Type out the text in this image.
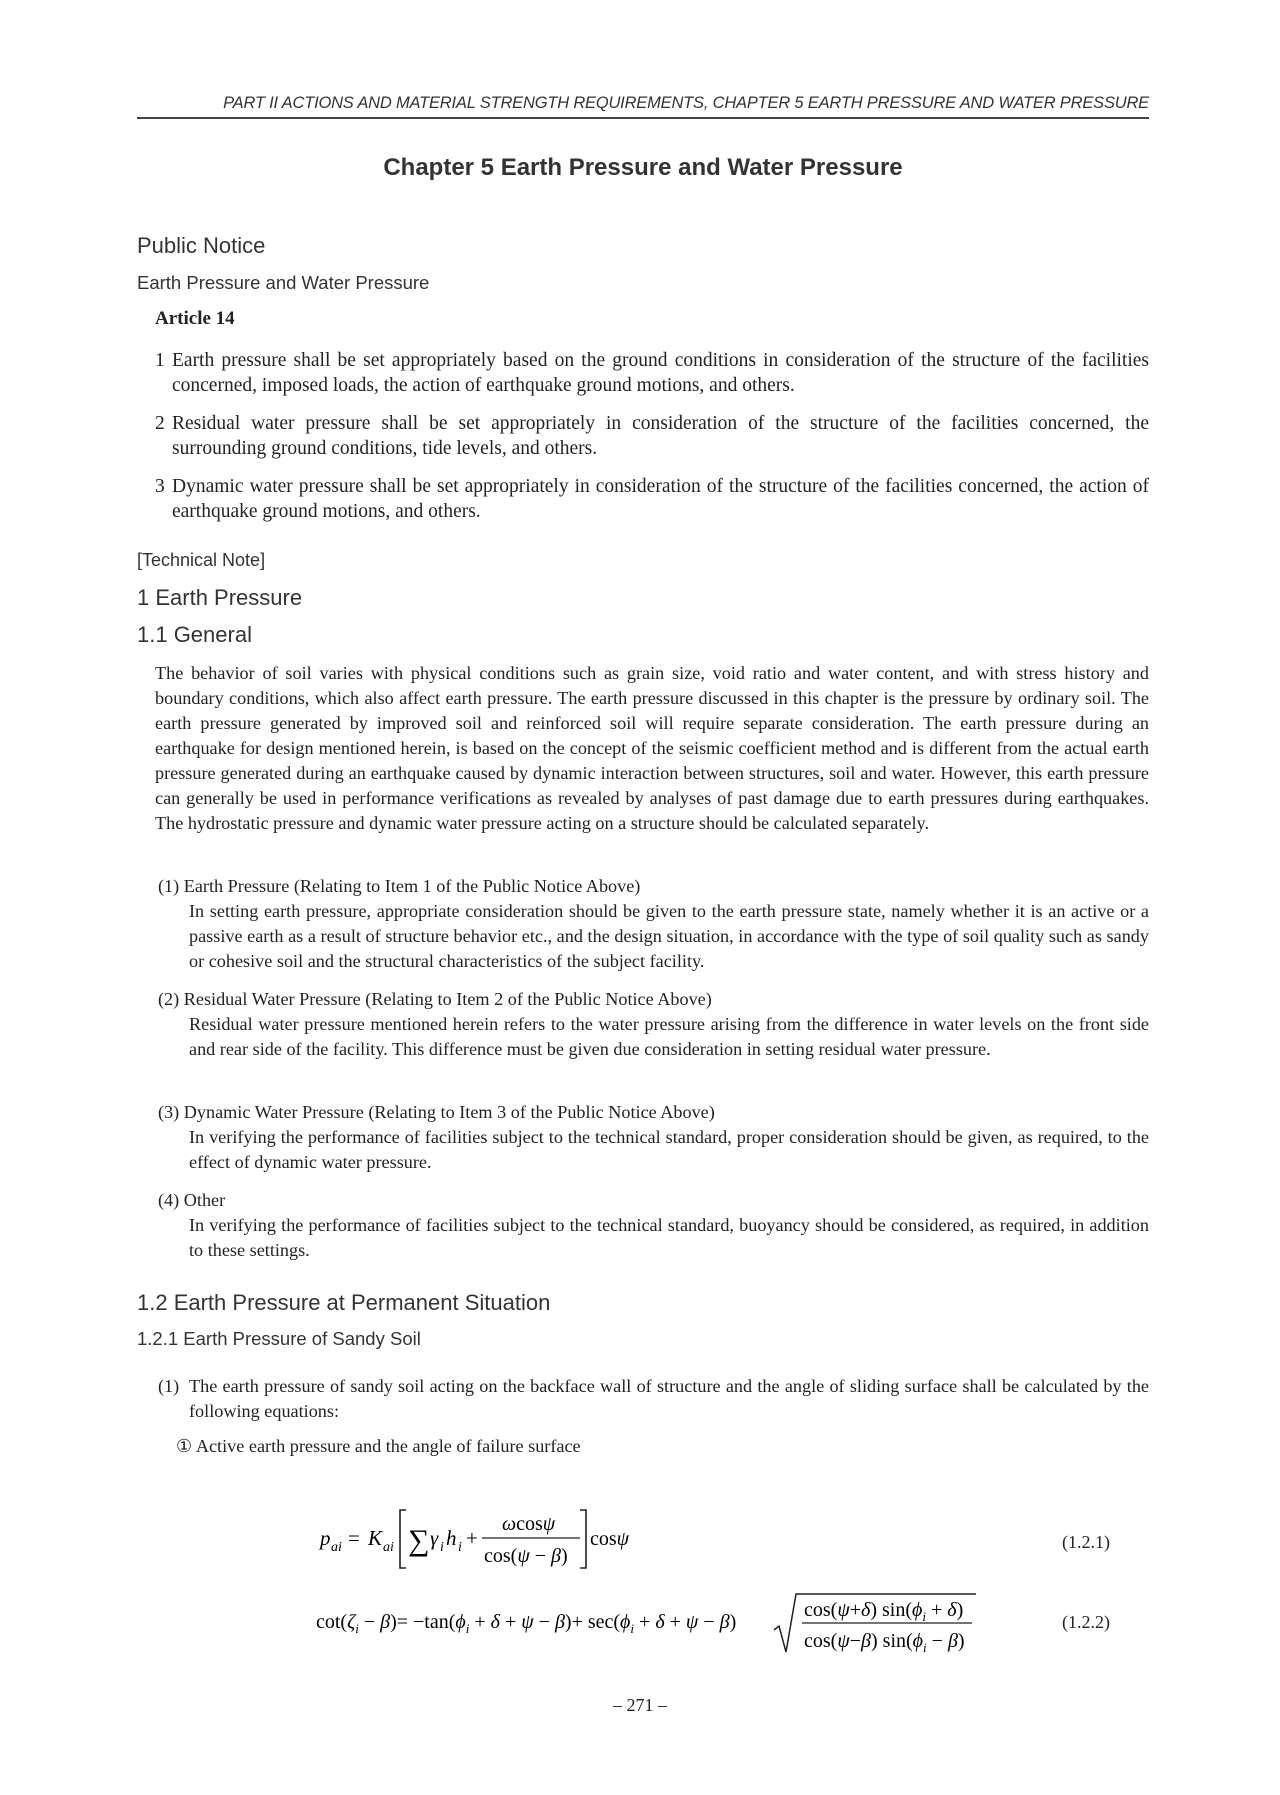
PART II ACTIONS AND MATERIAL STRENGTH REQUIREMENTS, CHAPTER 5 EARTH PRESSURE AND WATER PRESSURE
Chapter 5 Earth Pressure and Water Pressure
Public Notice
Earth Pressure and Water Pressure
Article 14
1 Earth pressure shall be set appropriately based on the ground conditions in consideration of the structure of the facilities concerned, imposed loads, the action of earthquake ground motions, and others.
2 Residual water pressure shall be set appropriately in consideration of the structure of the facilities concerned, the surrounding ground conditions, tide levels, and others.
3 Dynamic water pressure shall be set appropriately in consideration of the structure of the facilities concerned, the action of earthquake ground motions, and others.
[Technical Note]
1 Earth Pressure
1.1 General
The behavior of soil varies with physical conditions such as grain size, void ratio and water content, and with stress history and boundary conditions, which also affect earth pressure. The earth pressure discussed in this chapter is the pressure by ordinary soil. The earth pressure generated by improved soil and reinforced soil will require separate consideration. The earth pressure during an earthquake for design mentioned herein, is based on the concept of the seismic coefficient method and is different from the actual earth pressure generated during an earthquake caused by dynamic interaction between structures, soil and water. However, this earth pressure can generally be used in performance verifications as revealed by analyses of past damage due to earth pressures during earthquakes. The hydrostatic pressure and dynamic water pressure acting on a structure should be calculated separately.
(1) Earth Pressure (Relating to Item 1 of the Public Notice Above)
In setting earth pressure, appropriate consideration should be given to the earth pressure state, namely whether it is an active or a passive earth as a result of structure behavior etc., and the design situation, in accordance with the type of soil quality such as sandy or cohesive soil and the structural characteristics of the subject facility.
(2) Residual Water Pressure (Relating to Item 2 of the Public Notice Above)
Residual water pressure mentioned herein refers to the water pressure arising from the difference in water levels on the front side and rear side of the facility. This difference must be given due consideration in setting residual water pressure.
(3) Dynamic Water Pressure (Relating to Item 3 of the Public Notice Above)
In verifying the performance of facilities subject to the technical standard, proper consideration should be given, as required, to the effect of dynamic water pressure.
(4) Other
In verifying the performance of facilities subject to the technical standard, buoyancy should be considered, as required, in addition to these settings.
1.2 Earth Pressure at Permanent Situation
1.2.1 Earth Pressure of Sandy Soil
(1) The earth pressure of sandy soil acting on the backface wall of structure and the angle of sliding surface shall be calculated by the following equations:
① Active earth pressure and the angle of failure surface
p ai = K ai ∑ γ i h i +
ωcosψ
cos(ψ − β)
cosψ	(1.2.1)
$\cot(\zeta_i - \beta)= -\tan(\phi_i + \delta + \psi - \beta)+ \sec(\phi_i + \delta + \psi - \beta)$
cos(ψ+δ) $\sin(\phi_i + \delta)$
cos(ψ−β) $\sin(\phi_i - \beta)$
(1.2.2)
– 271 –
